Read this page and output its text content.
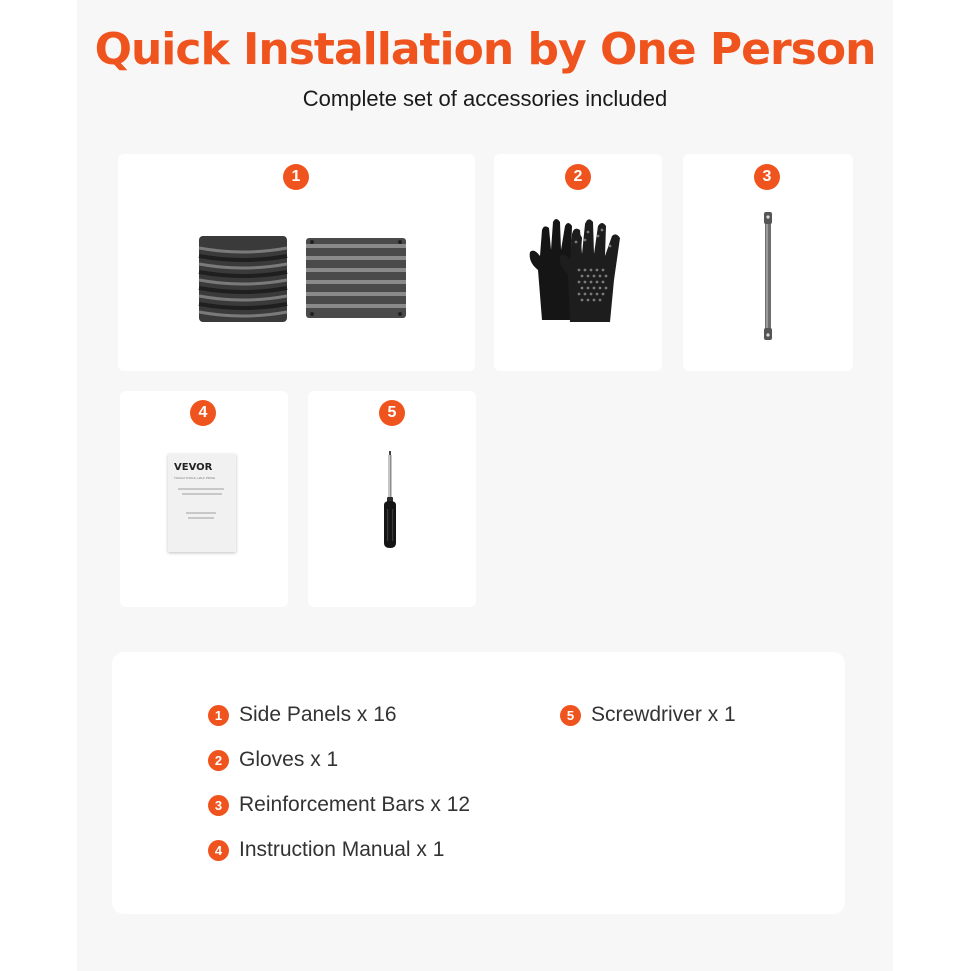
Quick Installation by One Person
Complete set of accessories included
1	2	3
4
VEVOR
TOUGH TOOLS, HALF PRICE
5
1 Side Panels x 16
2 Gloves x 1
3 Reinforcement Bars x 12
4 Instruction Manual x 1
5 Screwdriver x 1
